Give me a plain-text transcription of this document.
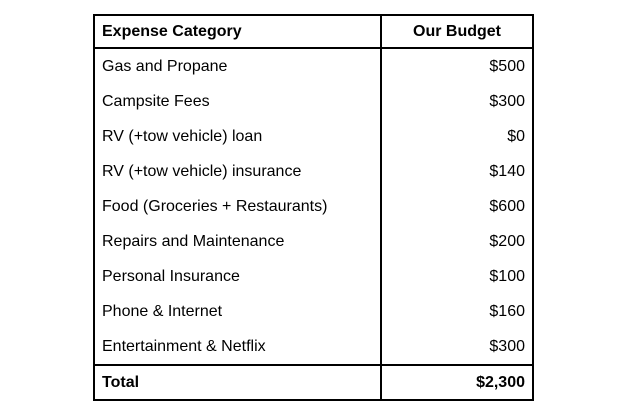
Expense Category	Our Budget
Gas and Propane	$500
Campsite Fees	$300
RV (+tow vehicle) loan	$0
RV (+tow vehicle) insurance	$140
Food (Groceries + Restaurants)	$600
Repairs and Maintenance	$200
Personal Insurance	$100
Phone & Internet	$160
Entertainment & Netflix	$300
Total	$2,300
